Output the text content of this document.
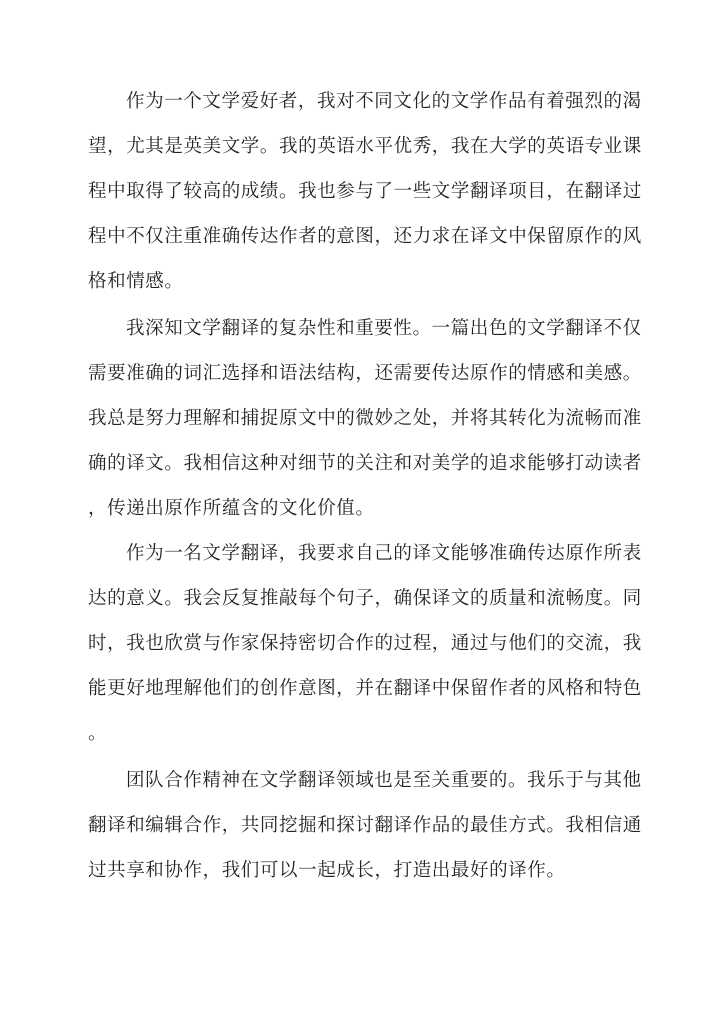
作为一个文学爱好者，我对不同文化的文学作品有着强烈的渴
望，尤其是英美文学。我的英语水平优秀，我在大学的英语专业课
程中取得了较高的成绩。我也参与了一些文学翻译项目，在翻译过
程中不仅注重准确传达作者的意图，还力求在译文中保留原作的风
格和情感。
我深知文学翻译的复杂性和重要性。一篇出色的文学翻译不仅
需要准确的词汇选择和语法结构，还需要传达原作的情感和美感。
我总是努力理解和捕捉原文中的微妙之处，并将其转化为流畅而准
确的译文。我相信这种对细节的关注和对美学的追求能够打动读者
，传递出原作所蕴含的文化价值。
作为一名文学翻译，我要求自己的译文能够准确传达原作所表
达的意义。我会反复推敲每个句子，确保译文的质量和流畅度。同
时，我也欣赏与作家保持密切合作的过程，通过与他们的交流，我
能更好地理解他们的创作意图，并在翻译中保留作者的风格和特色
。
团队合作精神在文学翻译领域也是至关重要的。我乐于与其他
翻译和编辑合作，共同挖掘和探讨翻译作品的最佳方式。我相信通
过共享和协作，我们可以一起成长，打造出最好的译作。
